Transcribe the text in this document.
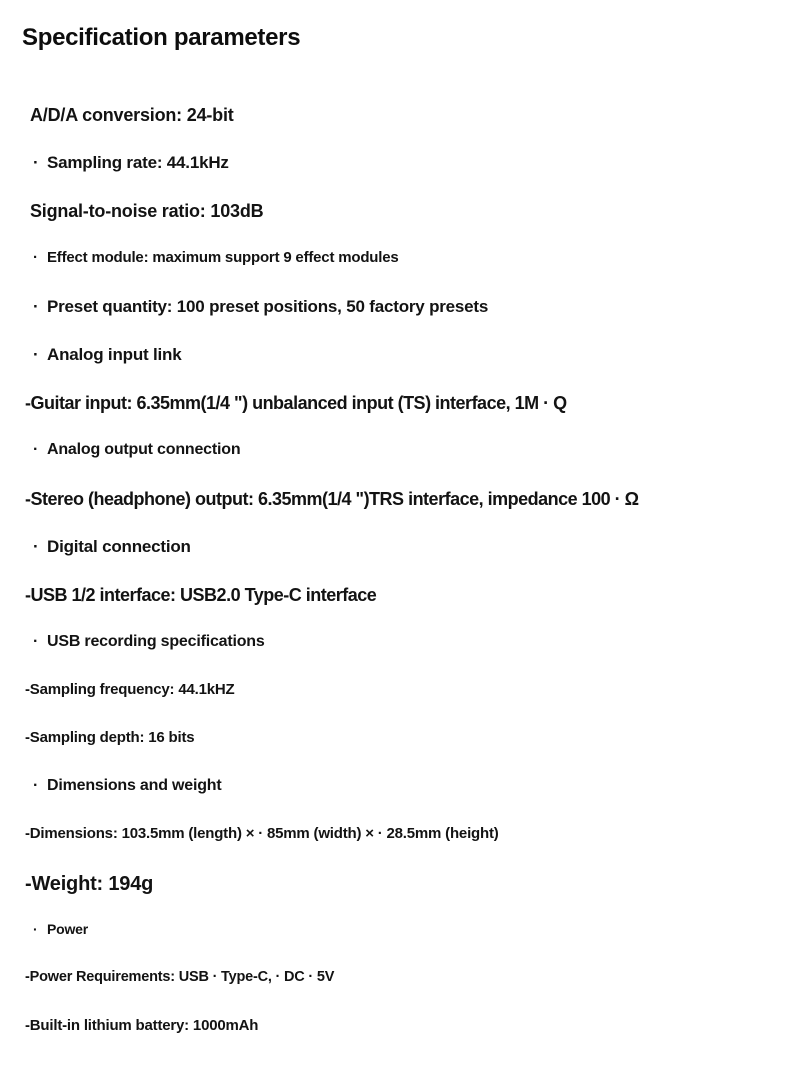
Specification parameters
A/D/A conversion: 24-bit
· Sampling rate: 44.1kHz
Signal-to-noise ratio: 103dB
· Effect module: maximum support 9 effect modules
· Preset quantity: 100 preset positions, 50 factory presets
· Analog input link
-Guitar input: 6.35mm(1/4 ") unbalanced input (TS) interface, 1M · Q
· Analog output connection
-Stereo (headphone) output: 6.35mm(1/4 ")TRS interface, impedance 100 · Ω
· Digital connection
-USB 1/2 interface: USB2.0 Type-C interface
· USB recording specifications
-Sampling frequency: 44.1kHZ
-Sampling depth: 16 bits
· Dimensions and weight
-Dimensions: 103.5mm (length) × · 85mm (width) × · 28.5mm (height)
-Weight: 194g
· Power
-Power Requirements: USB · Type-C, · DC · 5V
-Built-in lithium battery: 1000mAh
